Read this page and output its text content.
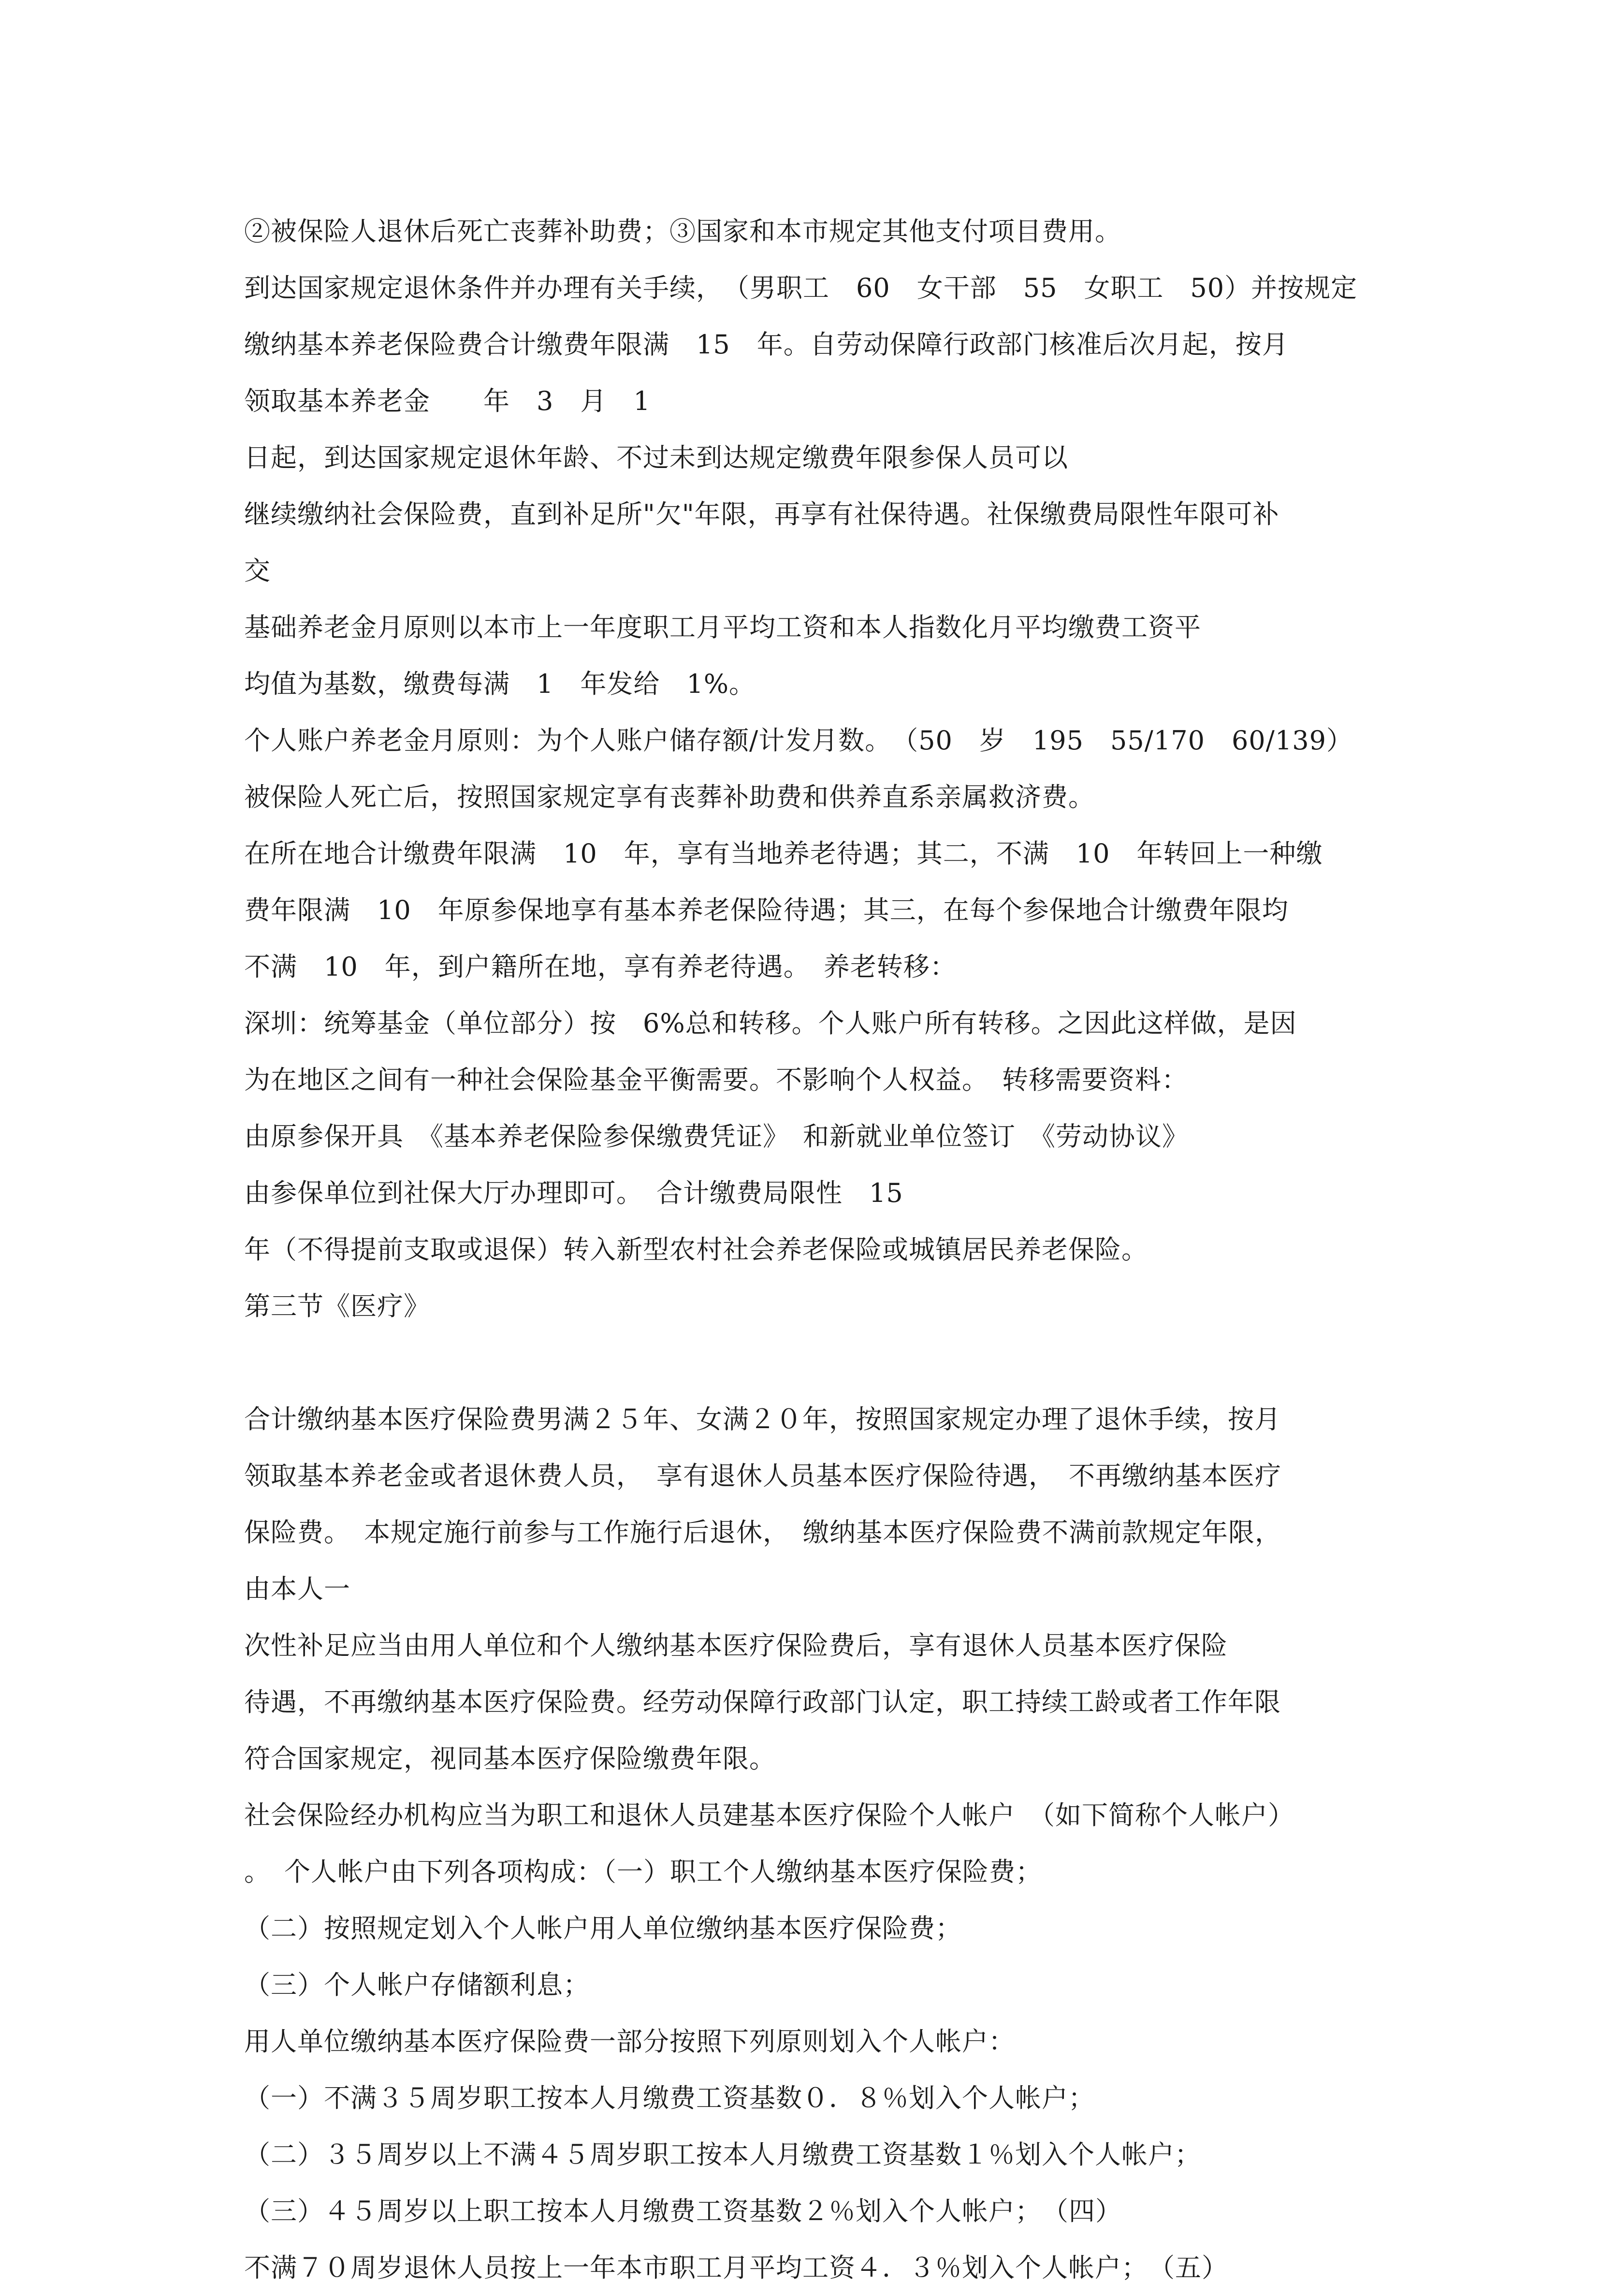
②被保险人退休后死亡丧葬补助费；③国家和本市规定其他支付项目费用。
到达国家规定退休条件并办理有关手续，　（男职工　60　女干部　55　女职工　50）并按规定
缴纳基本养老保险费合计缴费年限满　15　年。自劳动保障行政部门核准后次月起，按月
领取基本养老金　　年　3　月　1
日起，到达国家规定退休年龄、不过未到达规定缴费年限参保人员可以
继续缴纳社会保险费，直到补足所"欠"年限，再享有社保待遇。社保缴费局限性年限可补
交
基础养老金月原则以本市上一年度职工月平均工资和本人指数化月平均缴费工资平
均值为基数，缴费每满　1　年发给　1%。
个人账户养老金月原则：为个人账户储存额/计发月数。　（50　岁　195　55/170　60/139）
被保险人死亡后，按照国家规定享有丧葬补助费和供养直系亲属救济费。
在所在地合计缴费年限满　10　年，享有当地养老待遇；其二，不满　10　年转回上一种缴
费年限满　10　年原参保地享有基本养老保险待遇；其三，在每个参保地合计缴费年限均
不满　10　年，到户籍所在地，享有养老待遇。　养老转移：
深圳：统筹基金（单位部分）按　6%总和转移。个人账户所有转移。之因此这样做，是因
为在地区之间有一种社会保险基金平衡需要。不影响个人权益。　转移需要资料：
由原参保开具　《基本养老保险参保缴费凭证》　和新就业单位签订　《劳动协议》
由参保单位到社保大厅办理即可。　合计缴费局限性　15
年（不得提前支取或退保）转入新型农村社会养老保险或城镇居民养老保险。
第三节《医疗》
合计缴纳基本医疗保险费男满２５年、女满２０年，按照国家规定办理了退休手续，按月
领取基本养老金或者退休费人员，　享有退休人员基本医疗保险待遇，　不再缴纳基本医疗
保险费。　本规定施行前参与工作施行后退休，　缴纳基本医疗保险费不满前款规定年限，
由本人一
次性补足应当由用人单位和个人缴纳基本医疗保险费后，享有退休人员基本医疗保险
待遇，不再缴纳基本医疗保险费。经劳动保障行政部门认定，职工持续工龄或者工作年限
符合国家规定，视同基本医疗保险缴费年限。
社会保险经办机构应当为职工和退休人员建基本医疗保险个人帐户　（如下简称个人帐户）
。　个人帐户由下列各项构成：（一）职工个人缴纳基本医疗保险费；
（二）按照规定划入个人帐户用人单位缴纳基本医疗保险费；
（三）个人帐户存储额利息；
用人单位缴纳基本医疗保险费一部分按照下列原则划入个人帐户：
（一）不满３５周岁职工按本人月缴费工资基数０．８％划入个人帐户；
（二）３５周岁以上不满４５周岁职工按本人月缴费工资基数１％划入个人帐户；
（三）４５周岁以上职工按本人月缴费工资基数２％划入个人帐户；　（四）
不满７０周岁退休人员按上一年本市职工月平均工资４．３％划入个人帐户；　（五）
